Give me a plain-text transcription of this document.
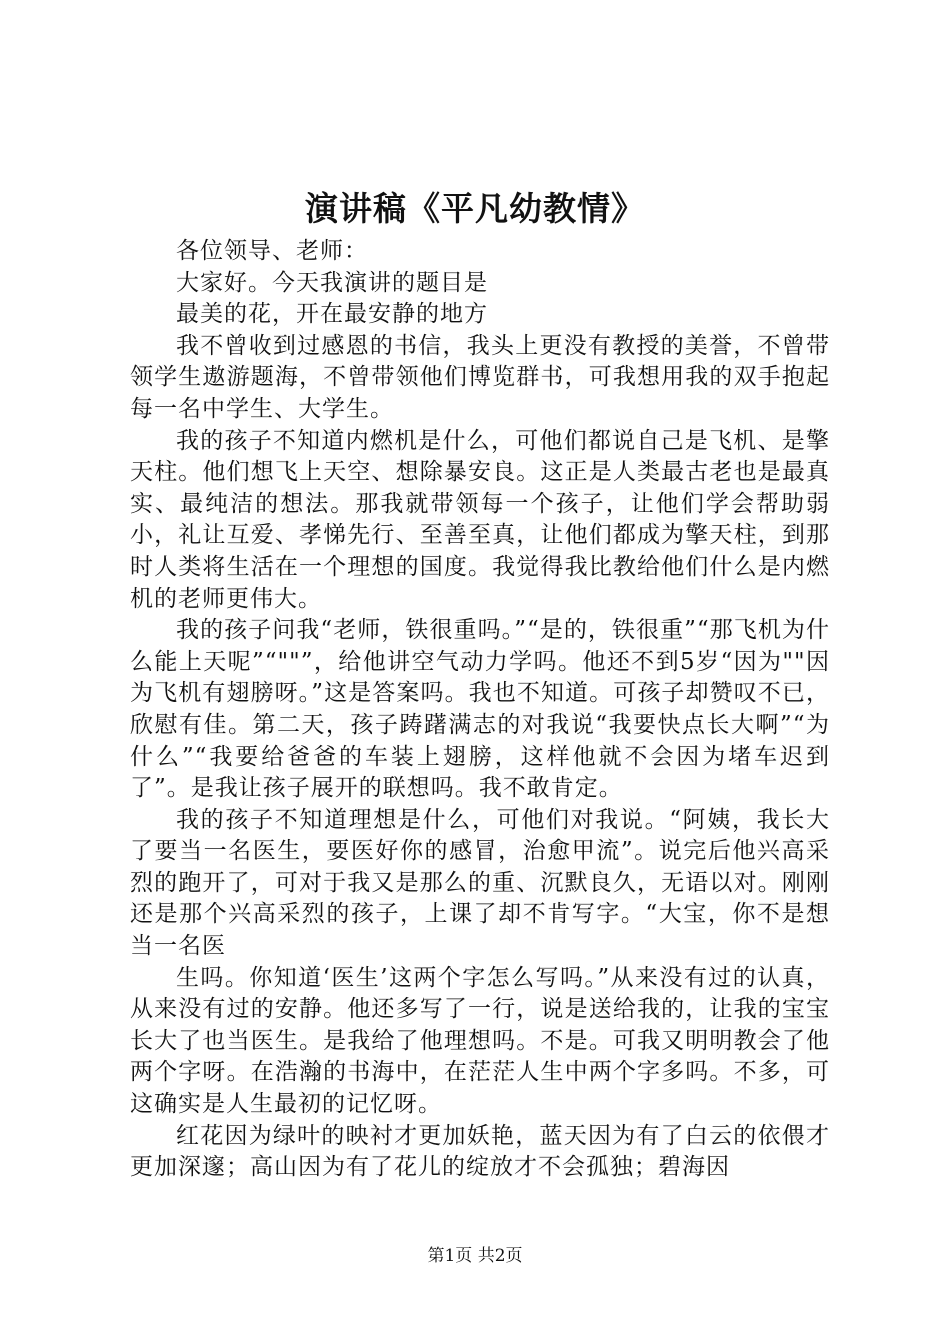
演讲稿《平凡幼教情》

各位领导、老师：

大家好。今天我演讲的题目是

最美的花，开在最安静的地方

我不曾收到过感恩的书信，我头上更没有教授的美誉，不曾带领学生遨游题海，不曾带领他们博览群书，可我想用我的双手抱起每一名中学生、大学生。

我的孩子不知道内燃机是什么，可他们都说自己是飞机、是擎天柱。他们想飞上天空、想除暴安良。这正是人类最古老也是最真实、最纯洁的想法。那我就带领每一个孩子，让他们学会帮助弱小，礼让互爱、孝悌先行、至善至真，让他们都成为擎天柱，到那时人类将生活在一个理想的国度。我觉得我比教给他们什么是内燃机的老师更伟大。

我的孩子问我“老师，铁很重吗。”“是的，铁很重”“那飞机为什么能上天呢”“""”，给他讲空气动力学吗。他还不到5岁“因为""因为飞机有翅膀呀。”这是答案吗。我也不知道。可孩子却赞叹不已，欣慰有佳。第二天，孩子踌躇满志的对我说“我要快点长大啊”“为什么”“我要给爸爸的车装上翅膀，这样他就不会因为堵车迟到了”。是我让孩子展开的联想吗。我不敢肯定。

我的孩子不知道理想是什么，可他们对我说。“阿姨，我长大了要当一名医生，要医好你的感冒，治愈甲流”。说完后他兴高采烈的跑开了，可对于我又是那么的重、沉默良久，无语以对。刚刚还是那个兴高采烈的孩子，上课了却不肯写字。“大宝，你不是想当一名医

生吗。你知道‘医生’这两个字怎么写吗。”从来没有过的认真，从来没有过的安静。他还多写了一行，说是送给我的，让我的宝宝长大了也当医生。是我给了他理想吗。不是。可我又明明教会了他两个字呀。在浩瀚的书海中，在茫茫人生中两个字多吗。不多，可这确实是人生最初的记忆呀。

红花因为绿叶的映衬才更加妖艳，蓝天因为有了白云的依偎才更加深邃；高山因为有了花儿的绽放才不会孤独；碧海因

第1页 共2页
